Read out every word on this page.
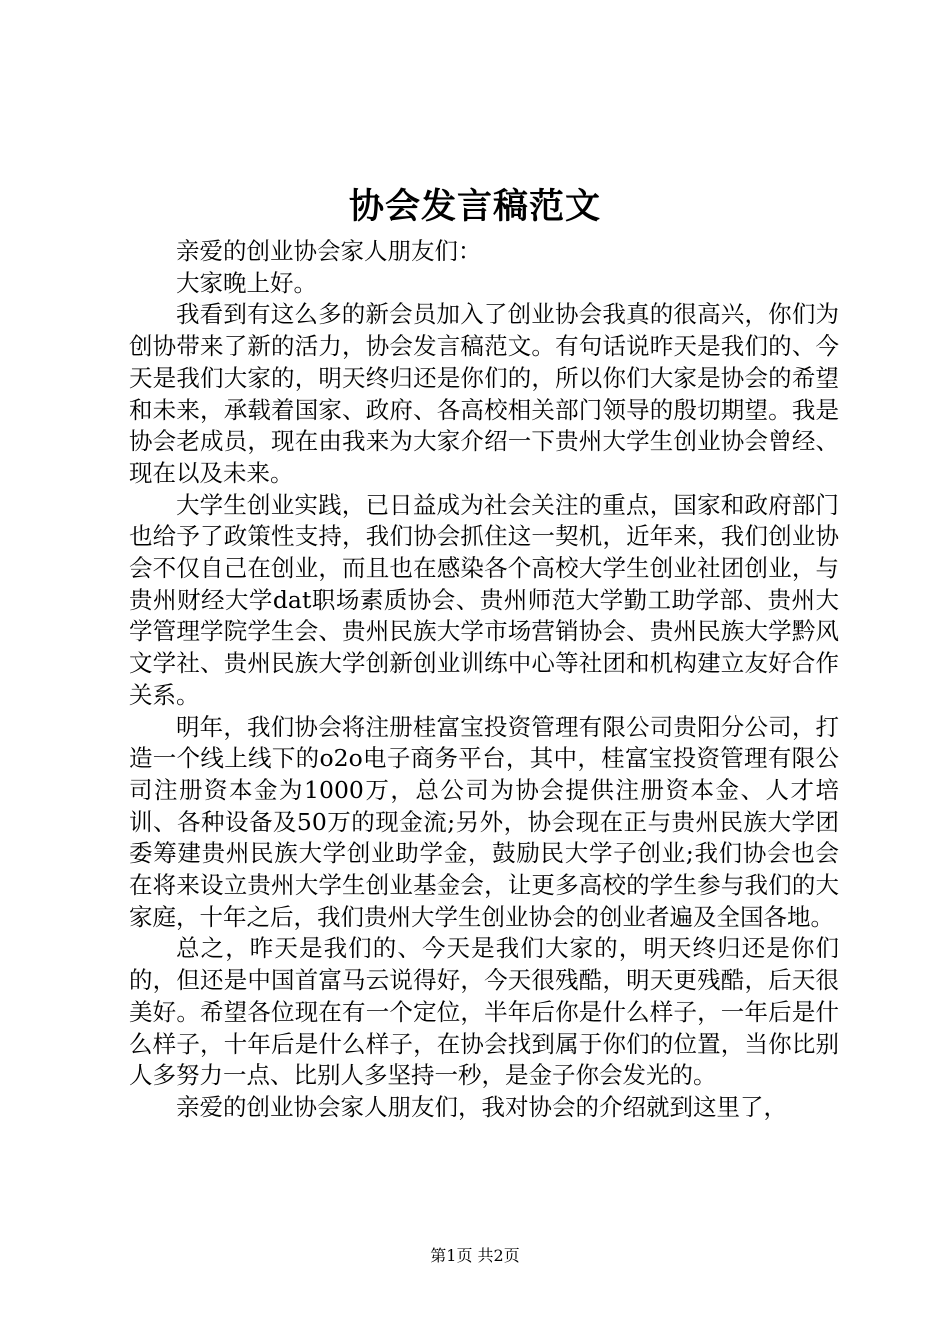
协会发言稿范文

亲爱的创业协会家人朋友们：

大家晚上好。

我看到有这么多的新会员加入了创业协会我真的很高兴，你们为创协带来了新的活力，协会发言稿范文。有句话说昨天是我们的、今天是我们大家的，明天终归还是你们的，所以你们大家是协会的希望和未来，承载着国家、政府、各高校相关部门领导的殷切期望。我是协会老成员，现在由我来为大家介绍一下贵州大学生创业协会曾经、现在以及未来。

大学生创业实践，已日益成为社会关注的重点，国家和政府部门也给予了政策性支持，我们协会抓住这一契机，近年来，我们创业协会不仅自己在创业，而且也在感染各个高校大学生创业社团创业，与贵州财经大学dat职场素质协会、贵州师范大学勤工助学部、贵州大学管理学院学生会、贵州民族大学市场营销协会、贵州民族大学黔风文学社、贵州民族大学创新创业训练中心等社团和机构建立友好合作关系。

明年，我们协会将注册桂富宝投资管理有限公司贵阳分公司，打造一个线上线下的o2o电子商务平台，其中，桂富宝投资管理有限公司注册资本金为1000万，总公司为协会提供注册资本金、人才培训、各种设备及50万的现金流;另外，协会现在正与贵州民族大学团委筹建贵州民族大学创业助学金，鼓励民大学子创业;我们协会也会在将来设立贵州大学生创业基金会，让更多高校的学生参与我们的大家庭，十年之后，我们贵州大学生创业协会的创业者遍及全国各地。

总之，昨天是我们的、今天是我们大家的，明天终归还是你们的，但还是中国首富马云说得好，今天很残酷，明天更残酷，后天很美好。希望各位现在有一个定位，半年后你是什么样子，一年后是什么样子，十年后是什么样子，在协会找到属于你们的位置，当你比别人多努力一点、比别人多坚持一秒，是金子你会发光的。

亲爱的创业协会家人朋友们，我对协会的介绍就到这里了，

第1页 共2页
